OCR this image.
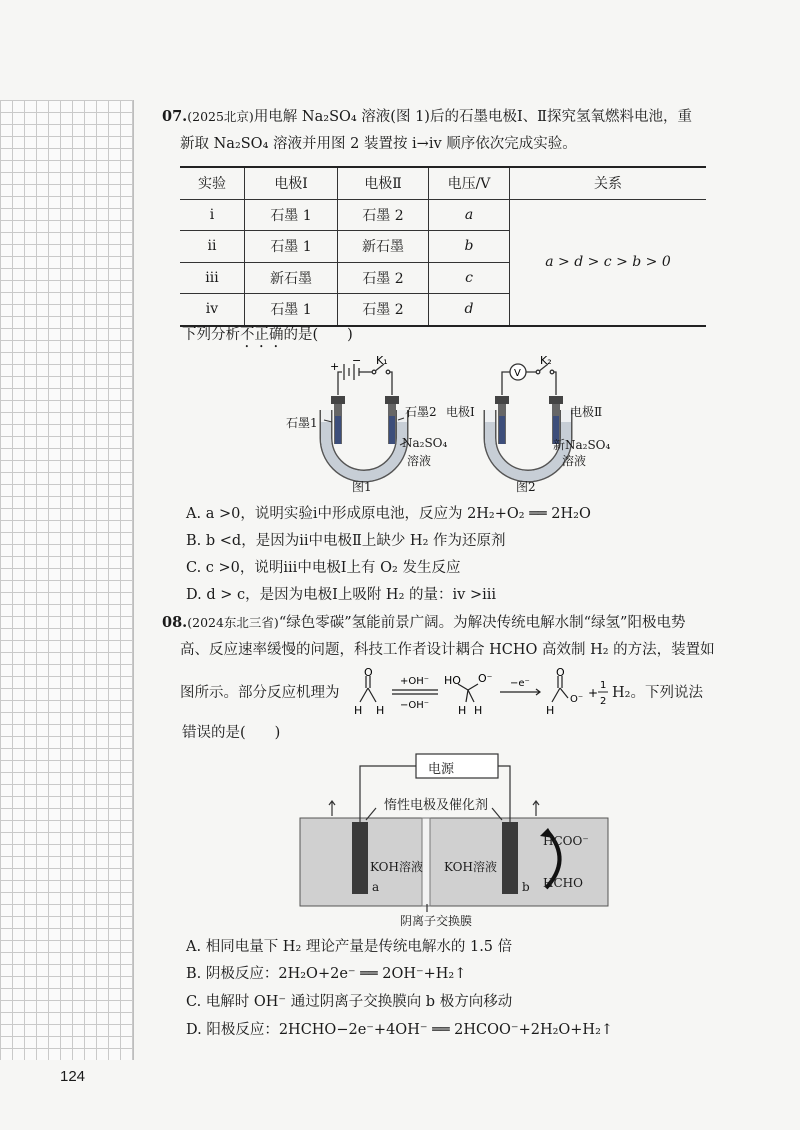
07.(2025北京)用电解 Na₂SO₄ 溶液(图 1)后的石墨电极Ⅰ、Ⅱ探究氢氧燃料电池，重
新取 Na₂SO₄ 溶液并用图 2 装置按 ⅰ→ⅳ 顺序依次完成实验。
实验	电极Ⅰ	电极Ⅱ	电压/V	关系
ⅰ	石墨 1	石墨 2	a	a > d > c > b > 0
ⅱ	石墨 1	新石墨	b	
ⅲ	新石墨	石墨 2	c	
ⅳ	石墨 1	石墨 2	d	
下列分析不正确的是(　　)
+ − K₁
石墨1
石墨2
Na₂SO₄
溶液
图1
V
K₂
电极Ⅰ	电极Ⅱ
新Na₂SO₄
溶液
图2
A. a >0，说明实验ⅰ中形成原电池，反应为 2H₂+O₂ ══ 2H₂O
B. b <d，是因为ⅱ中电极Ⅱ上缺少 H₂ 作为还原剂
C. c >0，说明ⅲ中电极Ⅰ上有 O₂ 发生反应
D. d > c，是因为电极Ⅰ上吸附 H₂ 的量：ⅳ >ⅲ
08.(2024东北三省)“绿色零碳”氢能前景广阔。为解决传统电解水制“绿氢”阳极电势
高、反应速率缓慢的问题，科技工作者设计耦合 HCHO 高效制 H₂ 的方法，装置如
图所示。部分反应机理为
H
O
H
+OH⁻
−OH⁻
HO O⁻
H H
−e⁻
H
O
O⁻ +
1
2
H₂。下列说法
错误的是(　　)
电源
惰性电极及催化剂
KOH溶液 KOH溶液
a	b
HCOO⁻
HCHO
阴离子交换膜
A. 相同电量下 H₂ 理论产量是传统电解水的 1.5 倍
B. 阴极反应：2H₂O+2e⁻ ══ 2OH⁻+H₂↑
C. 电解时 OH⁻ 通过阴离子交换膜向 b 极方向移动
D. 阳极反应：2HCHO−2e⁻+4OH⁻ ══ 2HCOO⁻+2H₂O+H₂↑
124
